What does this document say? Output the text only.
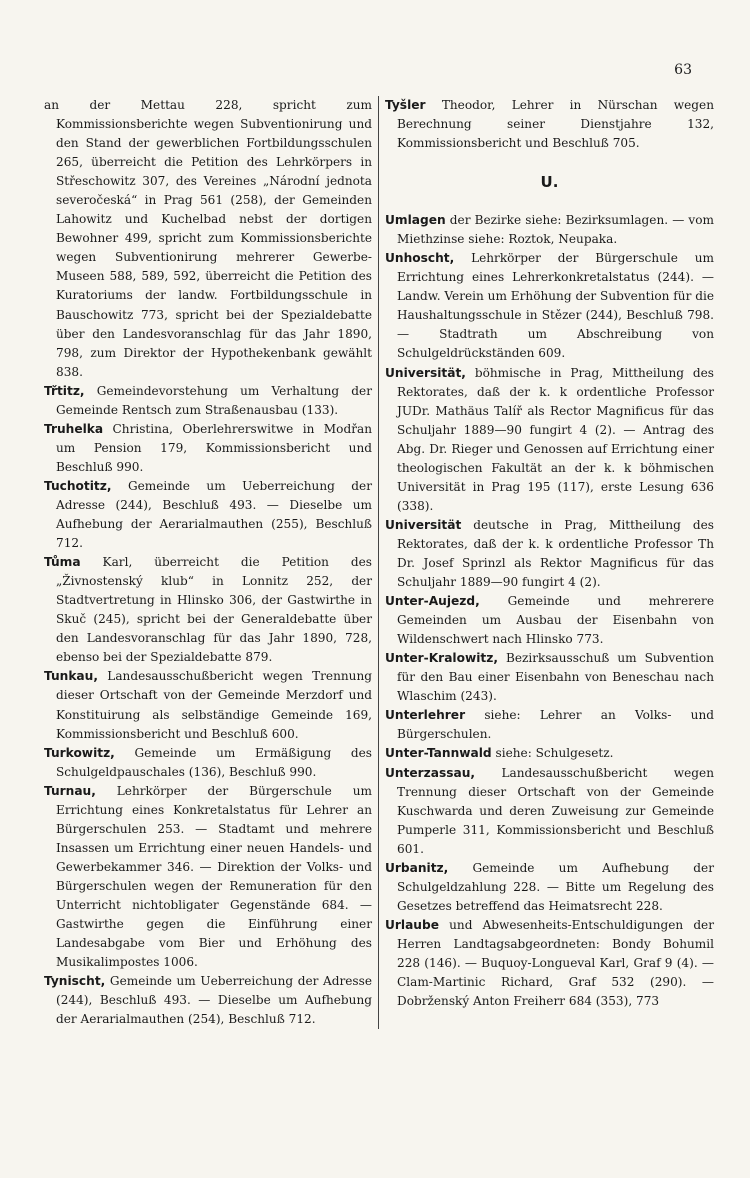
63

an der Mettau 228, spricht zum Kommissionsberichte wegen Subventionirung und den Stand der gewerblichen Fortbildungsschulen 265, überreicht die Petition des Lehrkörpers in Střeschowitz 307, des Vereines „Národní jednota severočeská“ in Prag 561 (258), der Gemeinden Lahowitz und Kuchelbad nebst der dortigen Bewohner 499, spricht zum Kommissionsberichte wegen Subventionirung mehrerer Gewerbe-Museen 588, 589, 592, überreicht die Petition des Kuratoriums der landw. Fortbildungsschule in Bauschowitz 773, spricht bei der Spezialdebatte über den Landesvoranschlag für das Jahr 1890, 798, zum Direktor der Hypothekenbank gewählt 838.

Třtitz, Gemeindevorstehung um Verhaltung der Gemeinde Rentsch zum Straßenausbau (133).

Truhelka Christina, Oberlehrerswitwe in Modřan um Pension 179, Kommissionsbericht und Beschluß 990.

Tuchotitz, Gemeinde um Ueberreichung der Adresse (244), Beschluß 493. — Dieselbe um Aufhebung der Aerarialmauthen (255), Beschluß 712.

Tůma Karl, überreicht die Petition des „Živnostenský klub“ in Lonnitz 252, der Stadtvertretung in Hlinsko 306, der Gastwirthe in Skuč (245), spricht bei der Generaldebatte über den Landesvoranschlag für das Jahr 1890, 728, ebenso bei der Spezialdebatte 879.

Tunkau, Landesausschußbericht wegen Trennung dieser Ortschaft von der Gemeinde Merzdorf und Konstituirung als selbständige Gemeinde 169, Kommissionsbericht und Beschluß 600.

Turkowitz, Gemeinde um Ermäßigung des Schulgeldpauschales (136), Beschluß 990.

Turnau, Lehrkörper der Bürgerschule um Errichtung eines Konkretalstatus für Lehrer an Bürgerschulen 253. — Stadtamt und mehrere Insassen um Errichtung einer neuen Handels- und Gewerbekammer 346. — Direktion der Volks- und Bürgerschulen wegen der Remuneration für den Unterricht nichtobligater Gegenstände 684. — Gastwirthe gegen die Einführung einer Landesabgabe vom Bier und Erhöhung des Musikalimpostes 1006.

Tynischt, Gemeinde um Ueberreichung der Adresse (244), Beschluß 493. — Dieselbe um Aufhebung der Aerarialmauthen (254), Beschluß 712.

Tyšler Theodor, Lehrer in Nürschan wegen Berechnung seiner Dienstjahre 132, Kommissionsbericht und Beschluß 705.

U.

Umlagen der Bezirke siehe: Bezirksumlagen. — vom Miethzinse siehe: Roztok, Neupaka.

Unhoscht, Lehrkörper der Bürgerschule um Errichtung eines Lehrerkonkretalstatus (244). — Landw. Verein um Erhöhung der Subvention für die Haushaltungsschule in Stězer (244), Beschluß 798. — Stadtrath um Abschreibung von Schulgeldrückständen 609.

Universität, böhmische in Prag, Mittheilung des Rektorates, daß der k. k ordentliche Professor JUDr. Mathäus Talíř als Rector Magnificus für das Schuljahr 1889—90 fungirt 4 (2). — Antrag des Abg. Dr. Rieger und Genossen auf Errichtung einer theologischen Fakultät an der k. k böhmischen Universität in Prag 195 (117), erste Lesung 636 (338).

Universität deutsche in Prag, Mittheilung des Rektorates, daß der k. k ordentliche Professor Th Dr. Josef Sprinzl als Rektor Magnificus für das Schuljahr 1889—90 fungirt 4 (2).

Unter-Aujezd, Gemeinde und mehrerere Gemeinden um Ausbau der Eisenbahn von Wildenschwert nach Hlinsko 773.

Unter-Kralowitz, Bezirksausschuß um Subvention für den Bau einer Eisenbahn von Beneschau nach Wlaschim (243).

Unterlehrer siehe: Lehrer an Volks- und Bürgerschulen.

Unter-Tannwald siehe: Schulgesetz.

Unterzassau, Landesausschußbericht wegen Trennung dieser Ortschaft von der Gemeinde Kuschwarda und deren Zuweisung zur Gemeinde Pumperle 311, Kommissionsbericht und Beschluß 601.

Urbanitz, Gemeinde um Aufhebung der Schulgeldzahlung 228. — Bitte um Regelung des Gesetzes betreffend das Heimatsrecht 228.

Urlaube und Abwesenheits-Entschuldigungen der Herren Landtagsabgeordneten: Bondy Bohumil 228 (146). — Buquoy-Longueval Karl, Graf 9 (4). — Clam-Martinic Richard, Graf 532 (290). — Dobrženský Anton Freiherr 684 (353), 773
